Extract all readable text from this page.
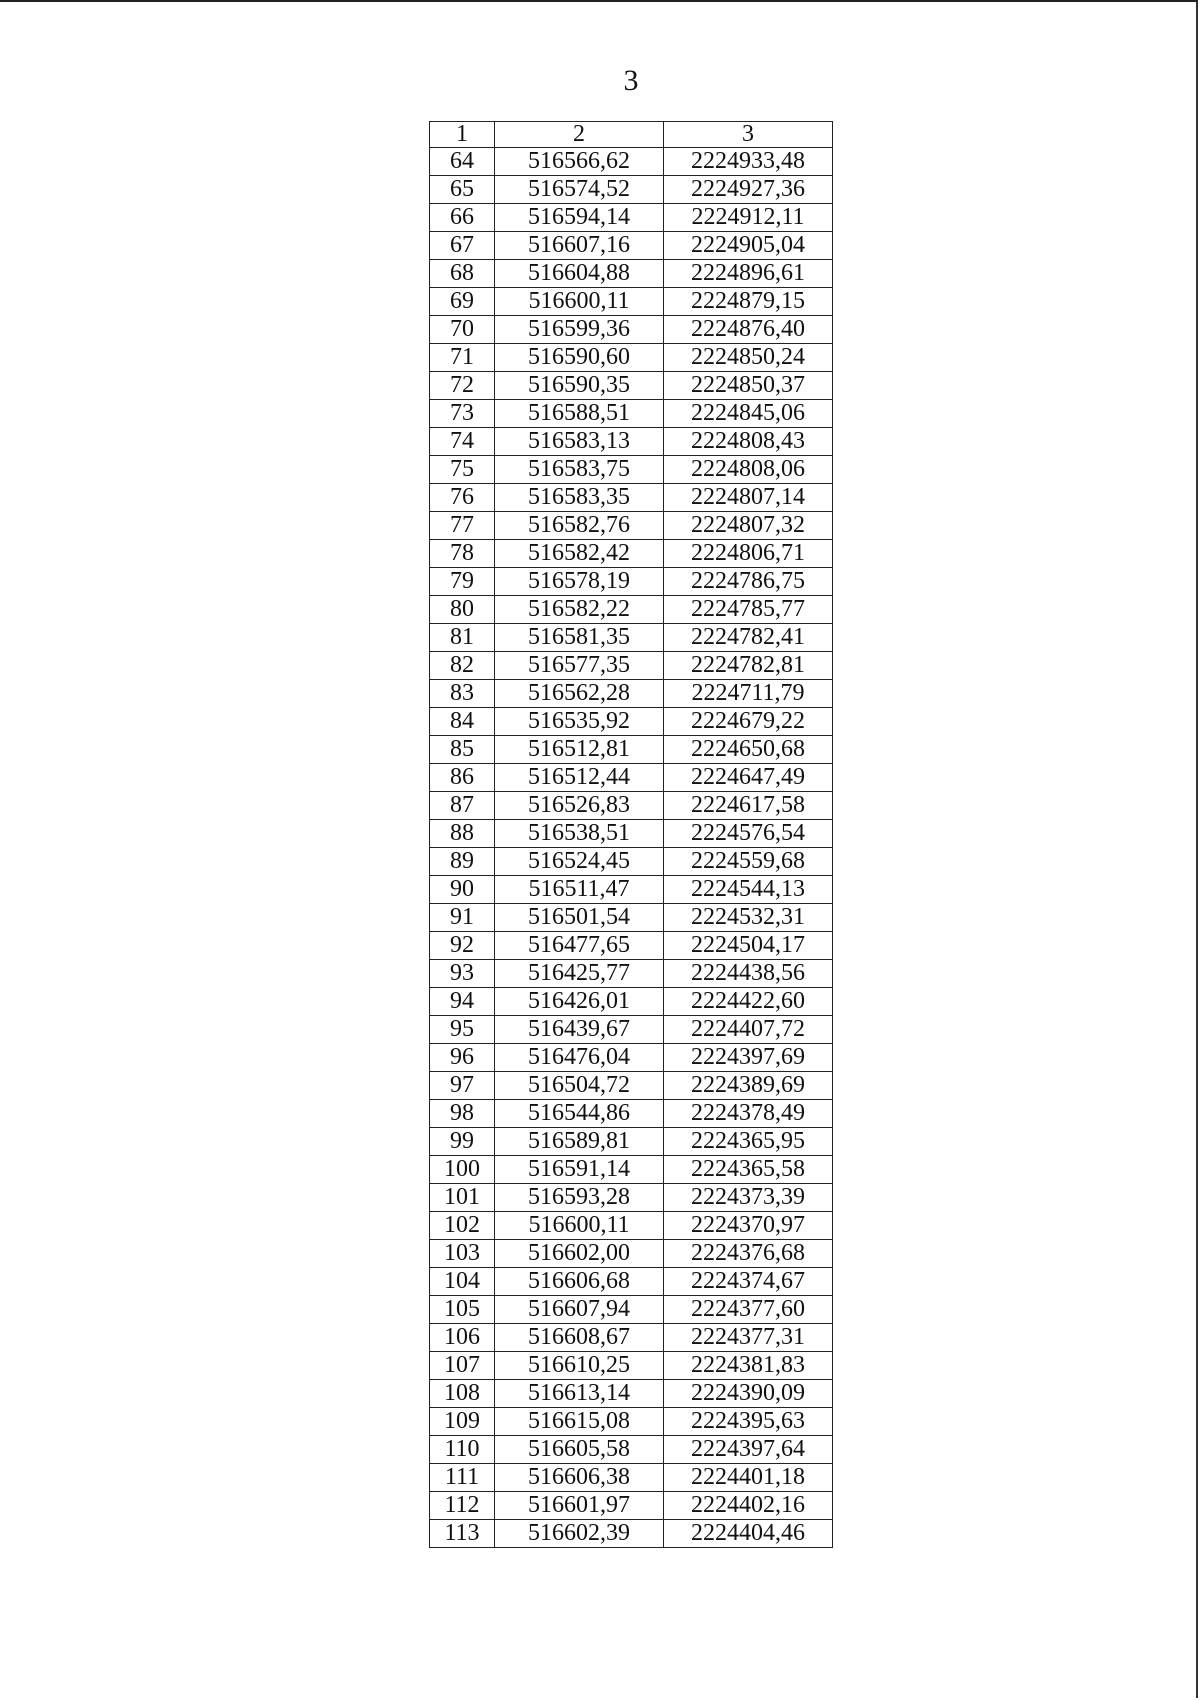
3
1	2	3
64	516566,62	2224933,48
65	516574,52	2224927,36
66	516594,14	2224912,11
67	516607,16	2224905,04
68	516604,88	2224896,61
69	516600,11	2224879,15
70	516599,36	2224876,40
71	516590,60	2224850,24
72	516590,35	2224850,37
73	516588,51	2224845,06
74	516583,13	2224808,43
75	516583,75	2224808,06
76	516583,35	2224807,14
77	516582,76	2224807,32
78	516582,42	2224806,71
79	516578,19	2224786,75
80	516582,22	2224785,77
81	516581,35	2224782,41
82	516577,35	2224782,81
83	516562,28	2224711,79
84	516535,92	2224679,22
85	516512,81	2224650,68
86	516512,44	2224647,49
87	516526,83	2224617,58
88	516538,51	2224576,54
89	516524,45	2224559,68
90	516511,47	2224544,13
91	516501,54	2224532,31
92	516477,65	2224504,17
93	516425,77	2224438,56
94	516426,01	2224422,60
95	516439,67	2224407,72
96	516476,04	2224397,69
97	516504,72	2224389,69
98	516544,86	2224378,49
99	516589,81	2224365,95
100	516591,14	2224365,58
101	516593,28	2224373,39
102	516600,11	2224370,97
103	516602,00	2224376,68
104	516606,68	2224374,67
105	516607,94	2224377,60
106	516608,67	2224377,31
107	516610,25	2224381,83
108	516613,14	2224390,09
109	516615,08	2224395,63
110	516605,58	2224397,64
111	516606,38	2224401,18
112	516601,97	2224402,16
113	516602,39	2224404,46
